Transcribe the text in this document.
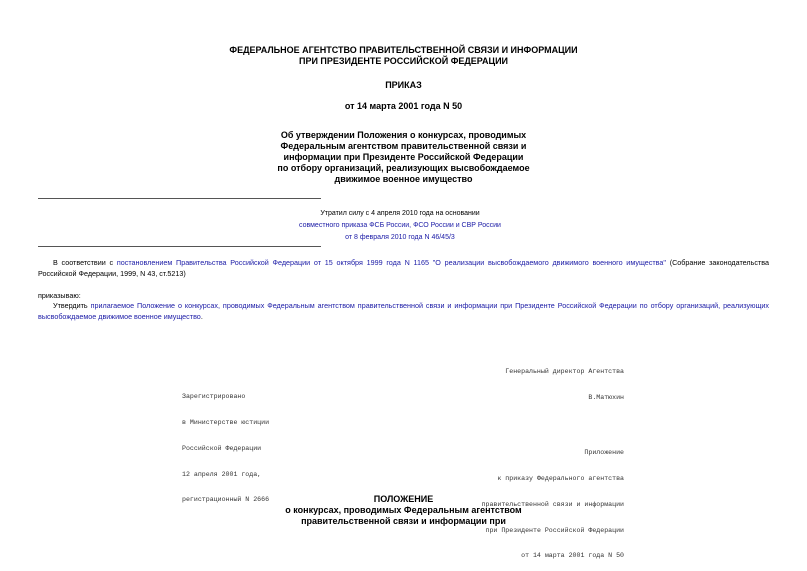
ФЕДЕРАЛЬНОЕ АГЕНТСТВО ПРАВИТЕЛЬСТВЕННОЙ СВЯЗИ И ИНФОРМАЦИИ
ПРИ ПРЕЗИДЕНТЕ РОССИЙСКОЙ ФЕДЕРАЦИИ
ПРИКАЗ
от 14 марта 2001 года N 50
Об утверждении Положения о конкурсах, проводимых
Федеральным агентством правительственной связи и
информации при Президенте Российской Федерации
по отбору организаций, реализующих высвобождаемое
движимое военное имущество
Утратил силу с 4 апреля 2010 года на основании
совместного приказа ФСБ России, ФСО России и СВР России
от 8 февраля 2010 года N 46/45/3
В соответствии с постановлением Правительства Российской Федерации от 15 октября 1999 года N 1165 "О реализации высвобождаемого движимого военного имущества" (Собрание законодательства Российской Федерации, 1999, N 43, ст.5213)
приказываю:
Утвердить прилагаемое Положение о конкурсах, проводимых Федеральным агентством правительственной связи и информации при Президенте Российской Федерации по отбору организаций, реализующих высвобождаемое движимое военное имущество.

Генеральный директор Агентства

В.Матюхин

Зарегистрировано

в Министерстве юстиции

Российской Федерации

12 апреля 2001 года,

регистрационный N 2666

Приложение

к приказу Федерального агентства

правительственной связи и информации

при Президенте Российской Федерации

от 14 марта 2001 года N 50

ПОЛОЖЕНИЕ
о конкурсах, проводимых Федеральным агентством
правительственной связи и информации при
